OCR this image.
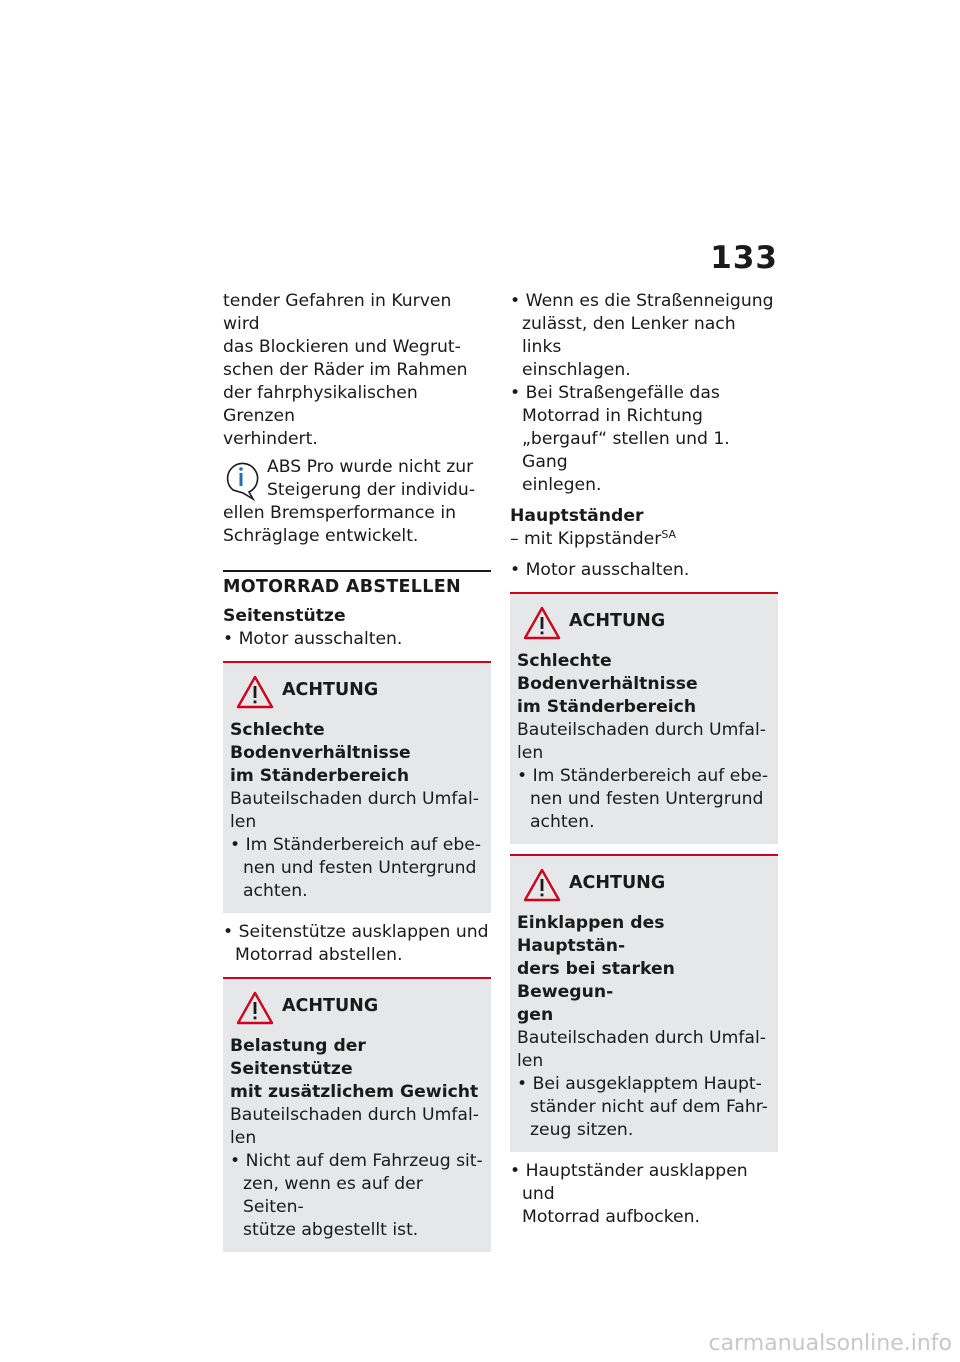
133

tender Gefahren in Kurven wird
das Blockieren und Wegrut-
schen der Räder im Rahmen
der fahrphysikalischen Grenzen
verhindert.

ABS Pro wurde nicht zur
Steigerung der individu-
ellen Bremsperformance in
Schräglage entwickelt.

MOTORRAD ABSTELLEN
Seitenstütze

• Motor ausschalten.

ACHTUNG

Schlechte Bodenverhältnisse
im Ständerbereich

Bauteilschaden durch Umfal-
len

• Im Ständerbereich auf ebe-
nen und festen Untergrund
achten.

• Seitenstütze ausklappen und
Motorrad abstellen.

ACHTUNG

Belastung der Seitenstütze
mit zusätzlichem Gewicht

Bauteilschaden durch Umfal-
len

• Nicht auf dem Fahrzeug sit-
zen, wenn es auf der Seiten-
stütze abgestellt ist.

• Wenn es die Straßenneigung
zulässt, den Lenker nach links
einschlagen.

• Bei Straßengefälle das
Motorrad in Richtung
„bergauf“ stellen und 1. Gang
einlegen.

Hauptständer

– mit Kippständer$^{SA}$

• Motor ausschalten.

ACHTUNG

Schlechte Bodenverhältnisse
im Ständerbereich

Bauteilschaden durch Umfal-
len

• Im Ständerbereich auf ebe-
nen und festen Untergrund
achten.

ACHTUNG

Einklappen des Hauptstän-
ders bei starken Bewegun-
gen

Bauteilschaden durch Umfal-
len

• Bei ausgeklapptem Haupt-
ständer nicht auf dem Fahr-
zeug sitzen.

• Hauptständer ausklappen und
Motorrad aufbocken.

carmanualsonline.info
